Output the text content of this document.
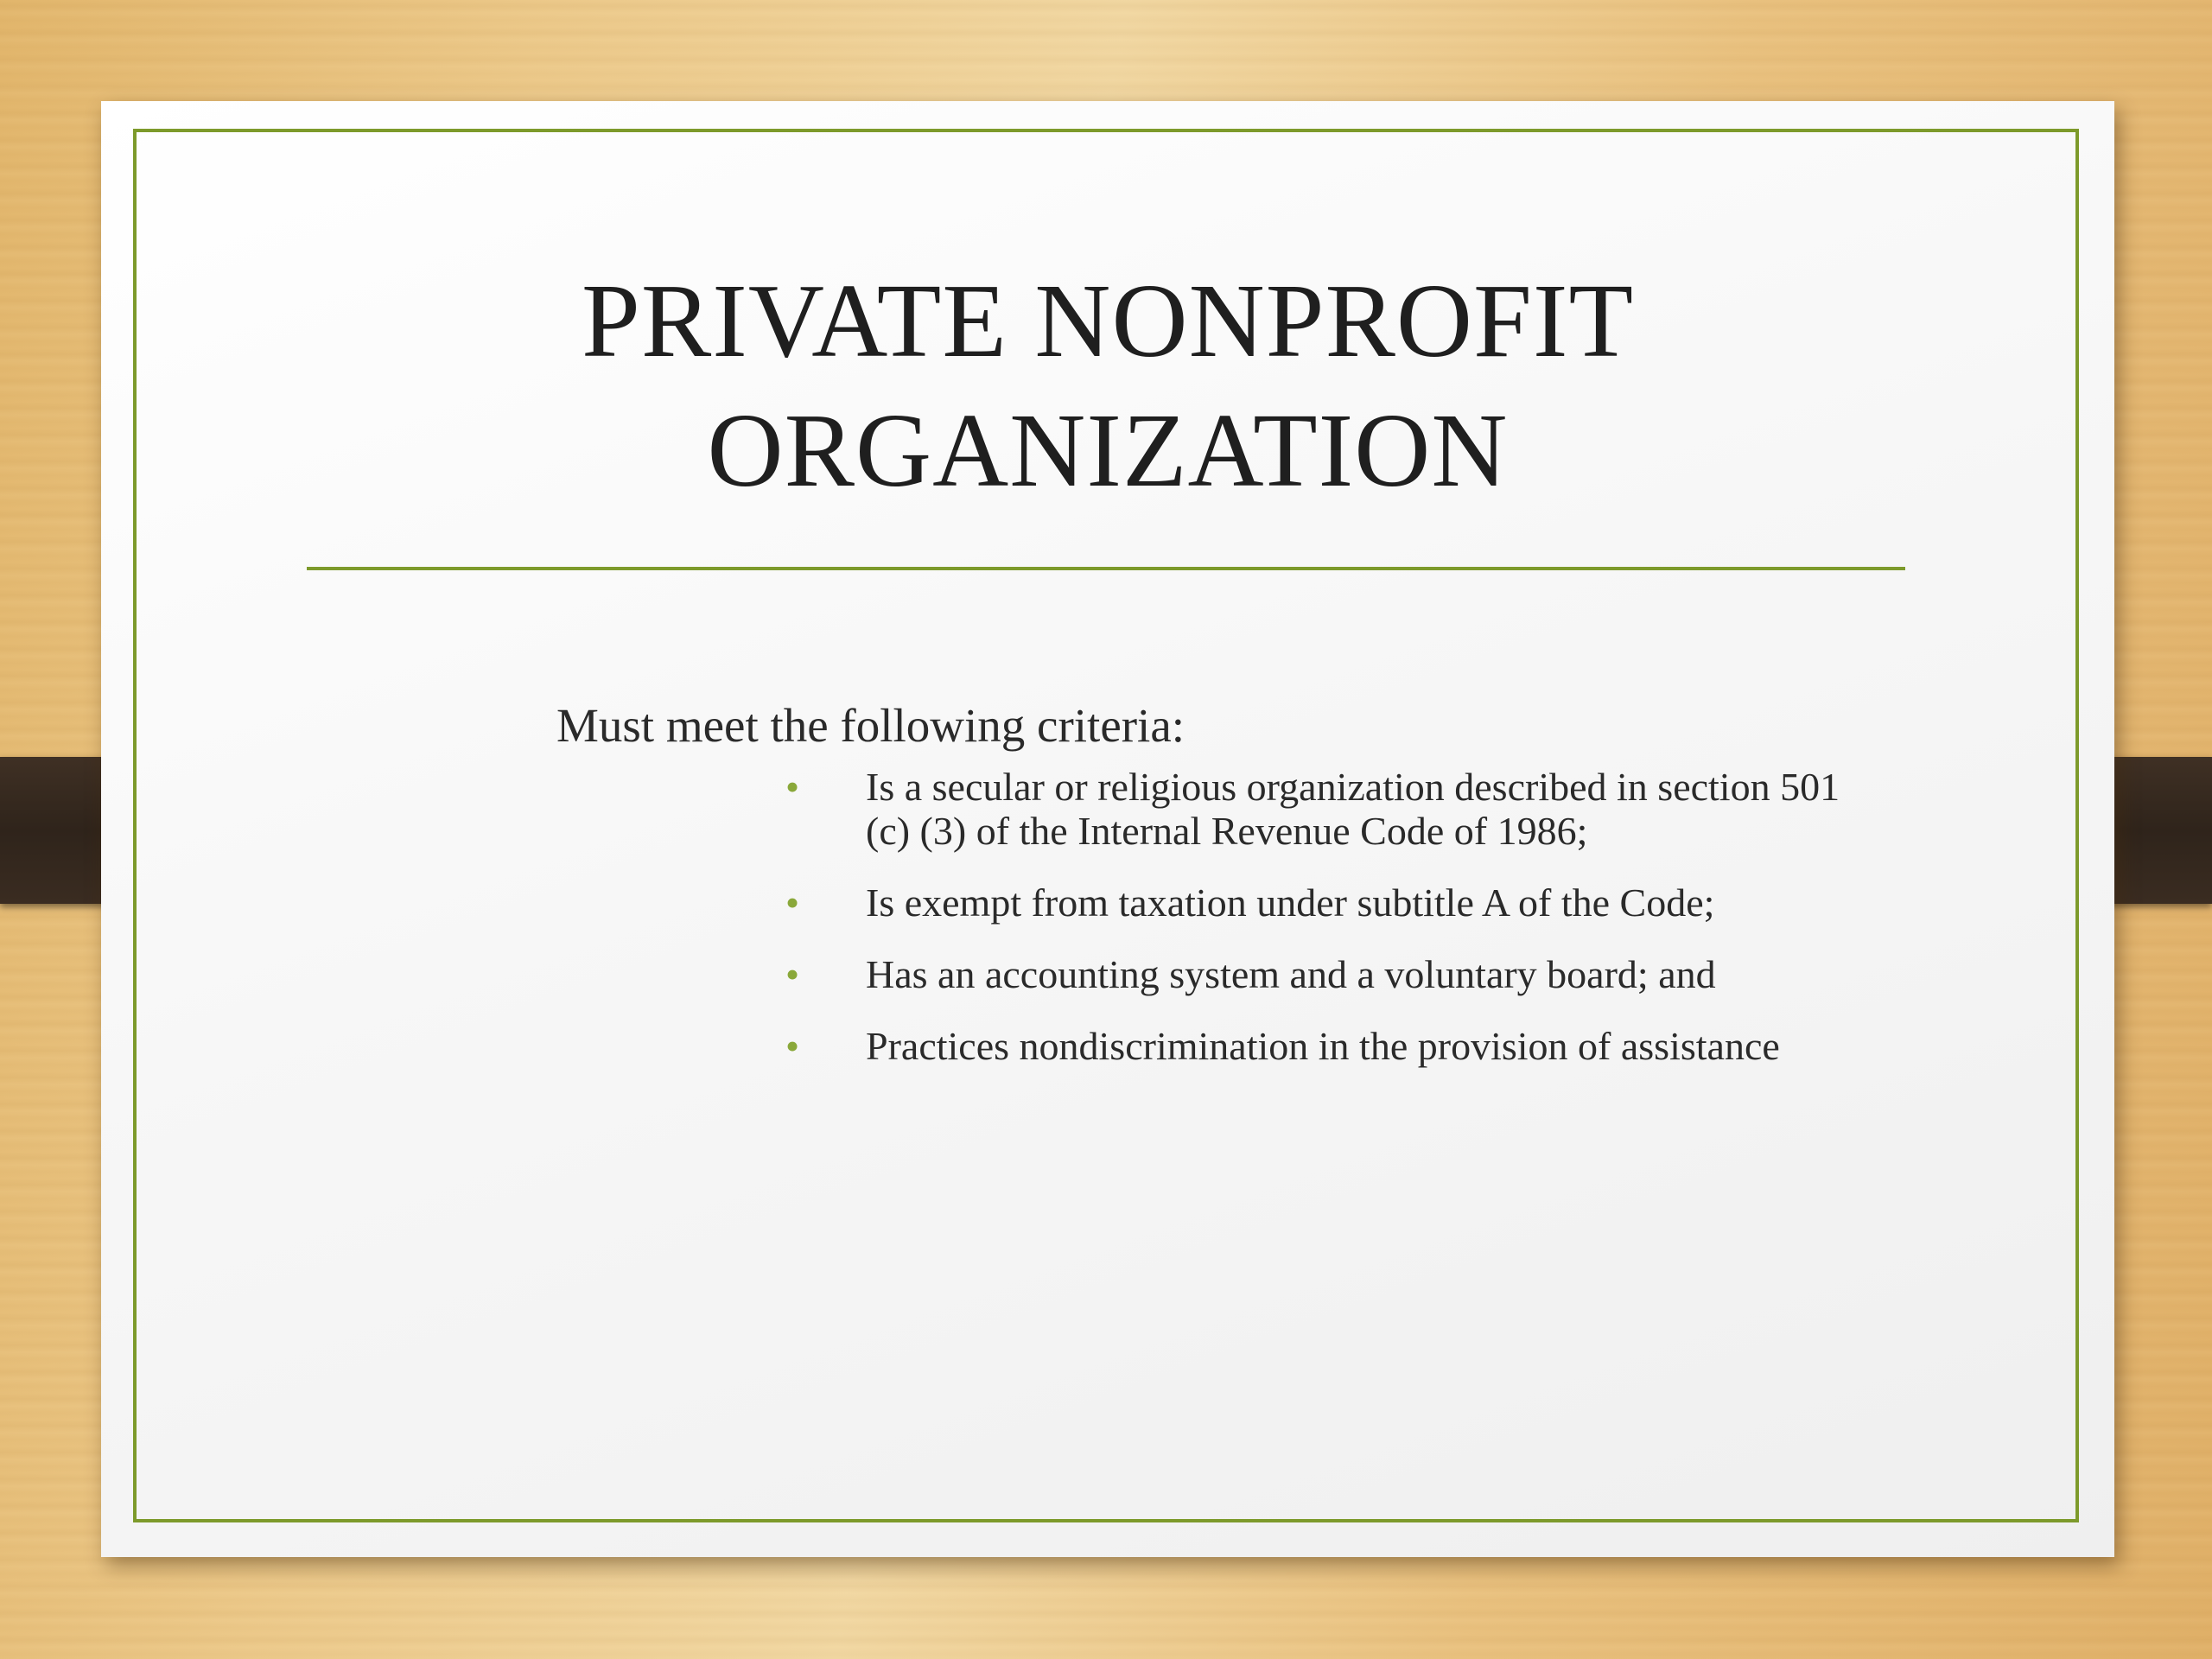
PRIVATE NONPROFIT
ORGANIZATION
Must meet the following criteria:
• Is a secular or religious organization described in section 501 (c) (3) of the Internal Revenue Code of 1986;
• Is exempt from taxation under subtitle A of the Code;
• Has an accounting system and a voluntary board; and
• Practices nondiscrimination in the provision of assistance
